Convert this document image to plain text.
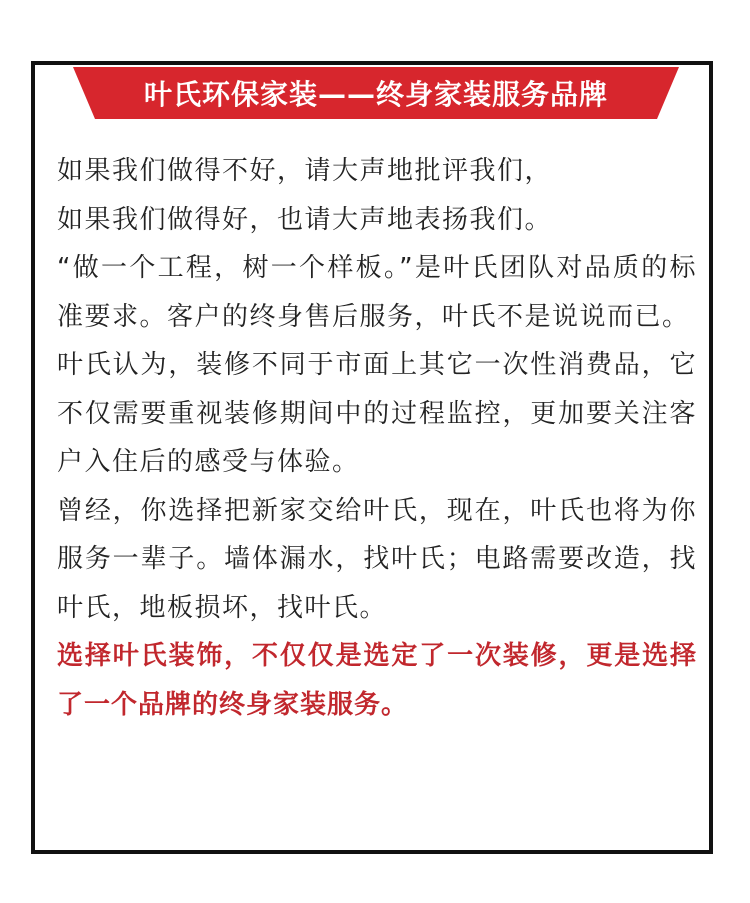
叶氏环保家装——终身家装服务品牌

如果我们做得不好，请大声地批评我们，

如果我们做得好，也请大声地表扬我们。

“做一个工程，树一个样板。”是叶氏团队对品质的标准要求。客户的终身售后服务，叶氏不是说说而已。

叶氏认为，装修不同于市面上其它一次性消费品，它不仅需要重视装修期间中的过程监控，更加要关注客户入住后的感受与体验。

曾经，你选择把新家交给叶氏，现在，叶氏也将为你服务一辈子。墙体漏水，找叶氏；电路需要改造，找叶氏，地板损坏，找叶氏。

选择叶氏装饰，不仅仅是选定了一次装修，更是选择了一个品牌的终身家装服务。
